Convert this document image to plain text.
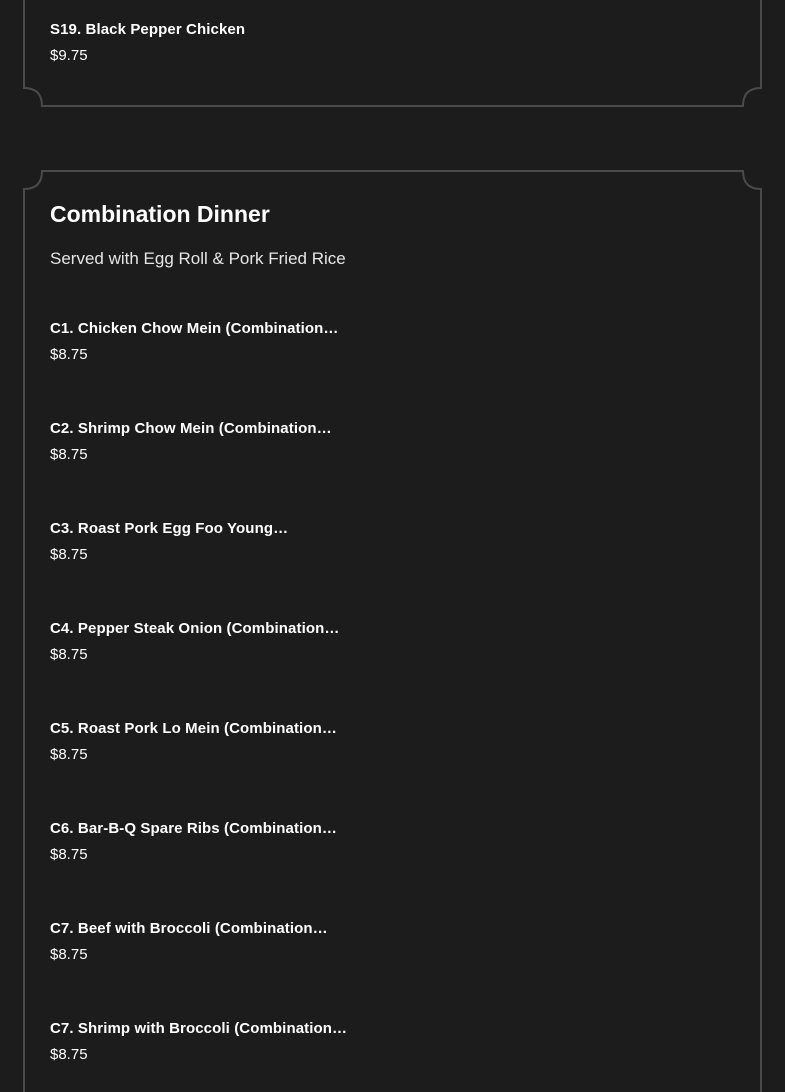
S19. Black Pepper Chicken
$9.75
Combination Dinner

Served with Egg Roll & Pork Fried Rice

C1. Chicken Chow Mein (Combination…
$8.75
C2. Shrimp Chow Mein (Combination…
$8.75
C3. Roast Pork Egg Foo Young…
$8.75
C4. Pepper Steak Onion (Combination…
$8.75
C5. Roast Pork Lo Mein (Combination…
$8.75
C6. Bar-B-Q Spare Ribs (Combination…
$8.75
C7. Beef with Broccoli (Combination…
$8.75
C7. Shrimp with Broccoli (Combination…
$8.75
